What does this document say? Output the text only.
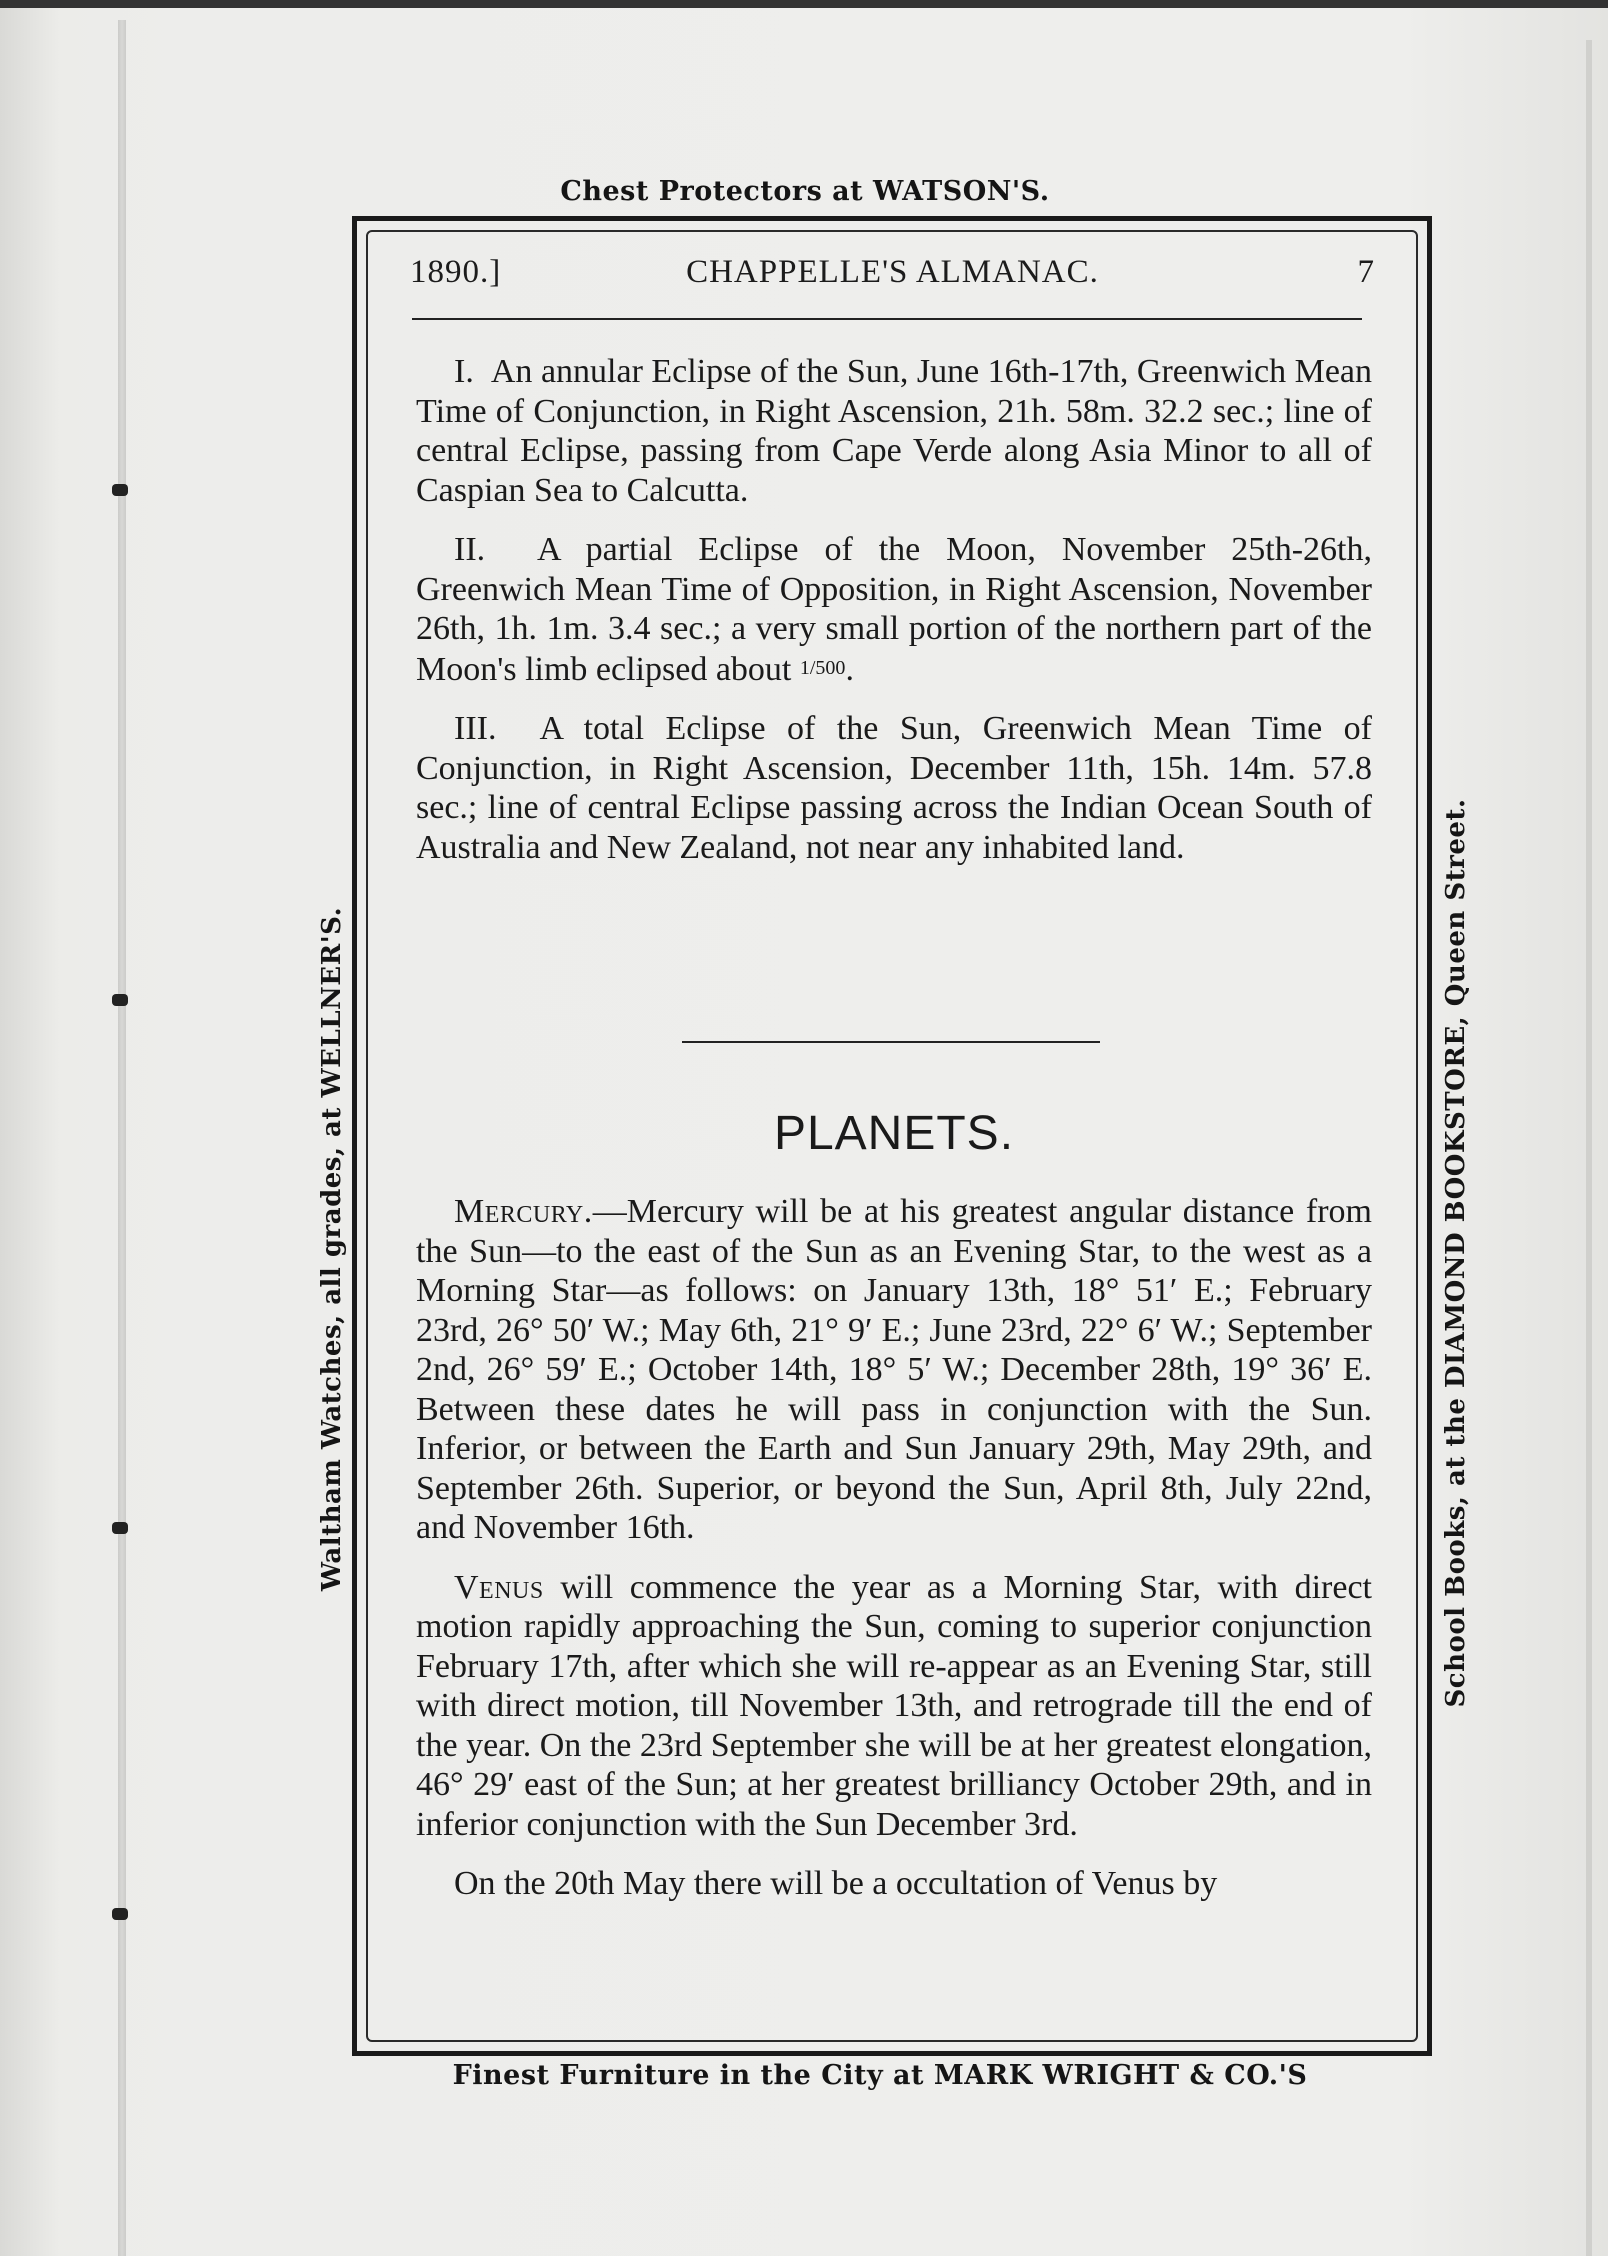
Chest Protectors at WATSON'S.
Waltham Watches, all grades, at WELLNER'S.	School Books, at the DIAMOND BOOKSTORE, Queen Street.
Finest Furniture in the City at MARK WRIGHT & CO.'S
1890.]	CHAPPELLE'S ALMANAC.	7

I. An annular Eclipse of the Sun, June 16th-17th, Greenwich Mean Time of Conjunction, in Right Ascension, 21h. 58m. 32.2 sec.; line of central Eclipse, passing from Cape Verde along Asia Minor to all of Caspian Sea to Calcutta.

II. A partial Eclipse of the Moon, November 25th-26th, Greenwich Mean Time of Opposition, in Right Ascension, November 26th, 1h. 1m. 3.4 sec.; a very small portion of the northern part of the Moon's limb eclipsed about 1/500.

III. A total Eclipse of the Sun, Greenwich Mean Time of Conjunction, in Right Ascension, December 11th, 15h. 14m. 57.8 sec.; line of central Eclipse passing across the Indian Ocean South of Australia and New Zealand, not near any inhabited land.

PLANETS.

Mercury.—Mercury will be at his greatest angular distance from the Sun—to the east of the Sun as an Evening Star, to the west as a Morning Star—as follows: on January 13th, 18° 51′ E.; February 23rd, 26° 50′ W.; May 6th, 21° 9′ E.; June 23rd, 22° 6′ W.; September 2nd, 26° 59′ E.; October 14th, 18° 5′ W.; December 28th, 19° 36′ E. Between these dates he will pass in conjunction with the Sun. Inferior, or between the Earth and Sun January 29th, May 29th, and September 26th. Superior, or beyond the Sun, April 8th, July 22nd, and November 16th.

Venus will commence the year as a Morning Star, with direct motion rapidly approaching the Sun, coming to superior conjunction February 17th, after which she will re-appear as an Evening Star, still with direct motion, till November 13th, and retrograde till the end of the year. On the 23rd September she will be at her greatest elongation, 46° 29′ east of the Sun; at her greatest brilliancy October 29th, and in inferior conjunction with the Sun December 3rd.

On the 20th May there will be a occultation of Venus by
